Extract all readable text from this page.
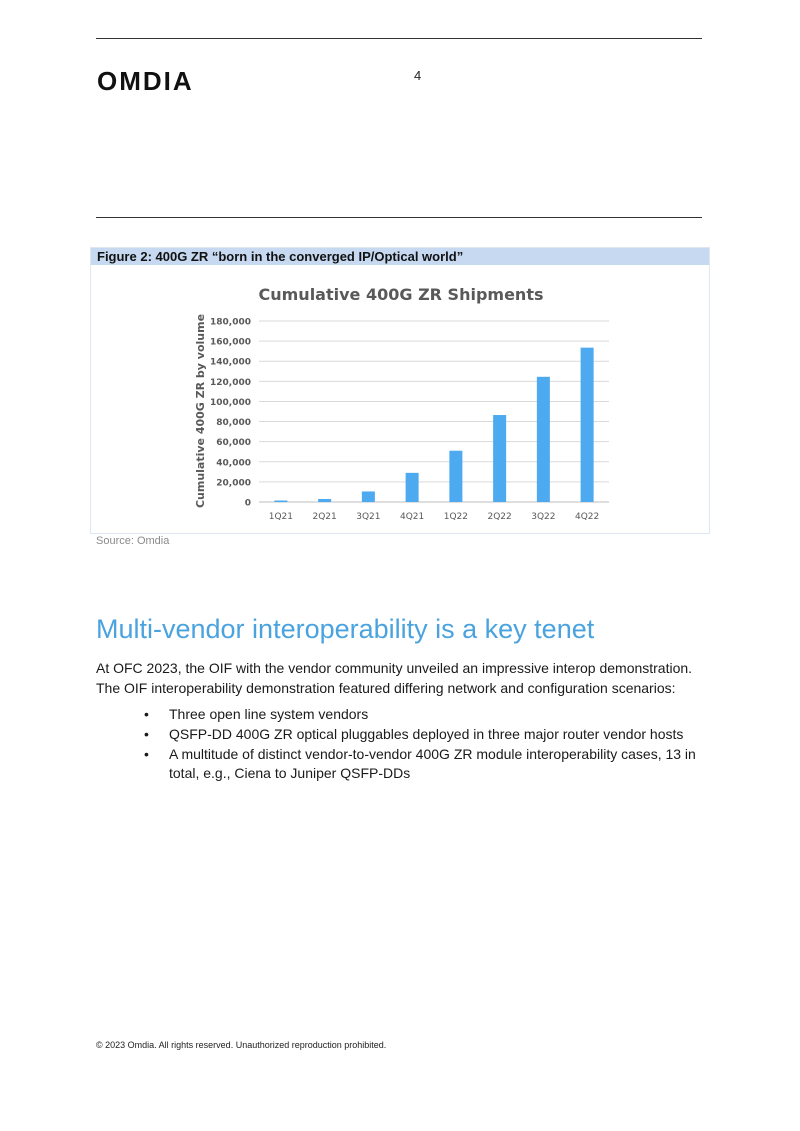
OMDIA	4
Figure 2: 400G ZR “born in the converged IP/Optical world”
Cumulative 400G ZR Shipments
Cumulative 400G ZR by volume	0
20,000
40,000
60,000
80,000
100,000
120,000
140,000
160,000
180,000
1Q21 2Q21 3Q21 4Q21 1Q22 2Q22 3Q22 4Q22
Source: Omdia
Multi-vendor interoperability is a key tenet

At OFC 2023, the OIF with the vendor community unveiled an impressive interop demonstration. The OIF interoperability demonstration featured differing network and configuration scenarios:

• Three open line system vendors
• QSFP-DD 400G ZR optical pluggables deployed in three major router vendor hosts
• A multitude of distinct vendor-to-vendor 400G ZR module interoperability cases, 13 in total, e.g., Ciena to Juniper QSFP-DDs
© 2023 Omdia. All rights reserved. Unauthorized reproduction prohibited.
